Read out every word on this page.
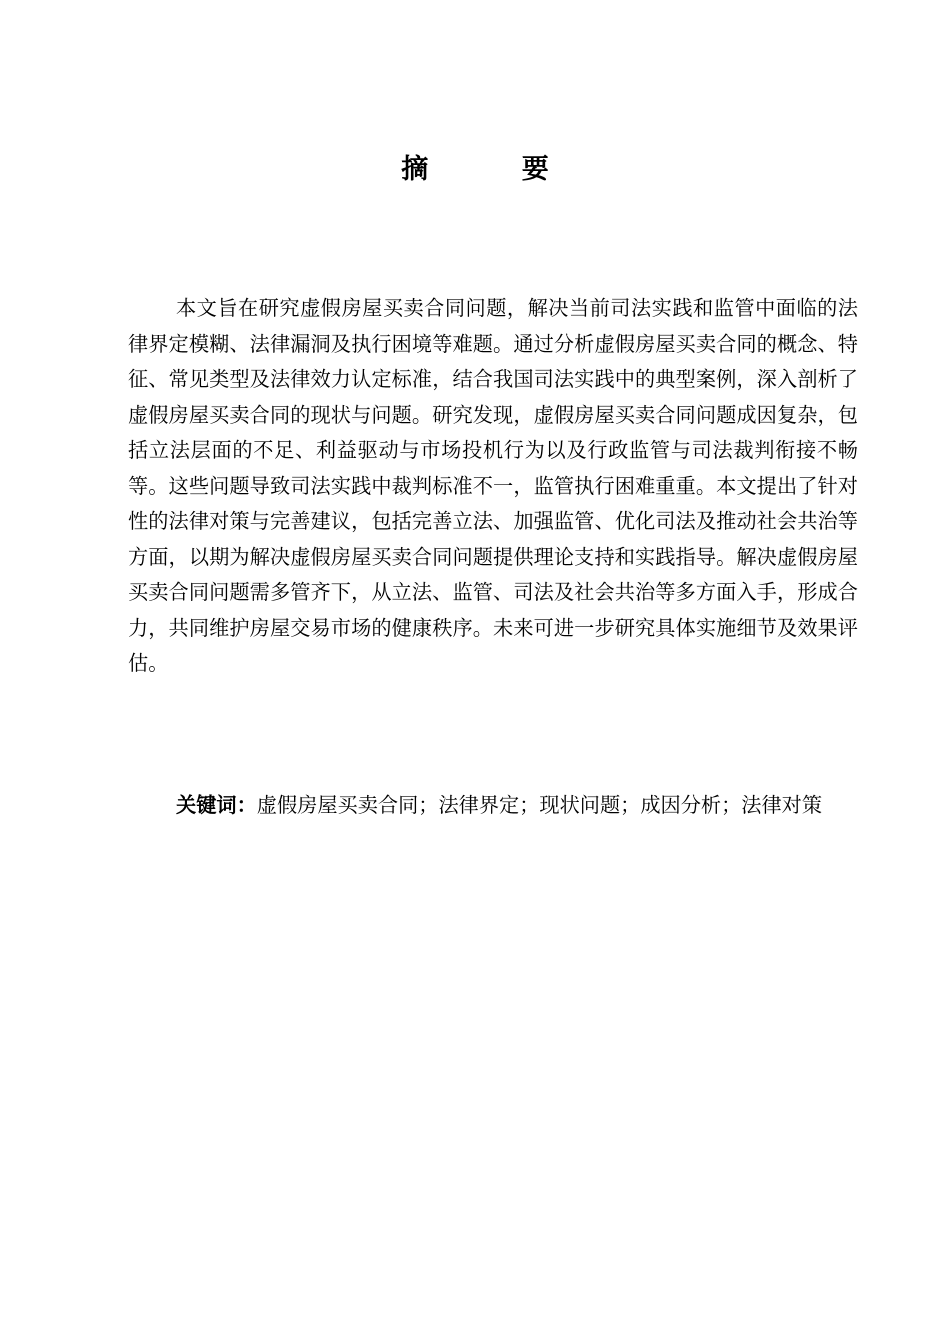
摘 要

本文旨在研究虚假房屋买卖合同问题，解决当前司法实践和监管中面临的法律界定模糊、法律漏洞及执行困境等难题。通过分析虚假房屋买卖合同的概念、特征、常见类型及法律效力认定标准，结合我国司法实践中的典型案例，深入剖析了虚假房屋买卖合同的现状与问题。研究发现，虚假房屋买卖合同问题成因复杂，包括立法层面的不足、利益驱动与市场投机行为以及行政监管与司法裁判衔接不畅等。这些问题导致司法实践中裁判标准不一，监管执行困难重重。本文提出了针对性的法律对策与完善建议，包括完善立法、加强监管、优化司法及推动社会共治等方面，以期为解决虚假房屋买卖合同问题提供理论支持和实践指导。解决虚假房屋买卖合同问题需多管齐下，从立法、监管、司法及社会共治等多方面入手，形成合力，共同维护房屋交易市场的健康秩序。未来可进一步研究具体实施细节及效果评估。

关键词：虚假房屋买卖合同；法律界定；现状问题；成因分析；法律对策
